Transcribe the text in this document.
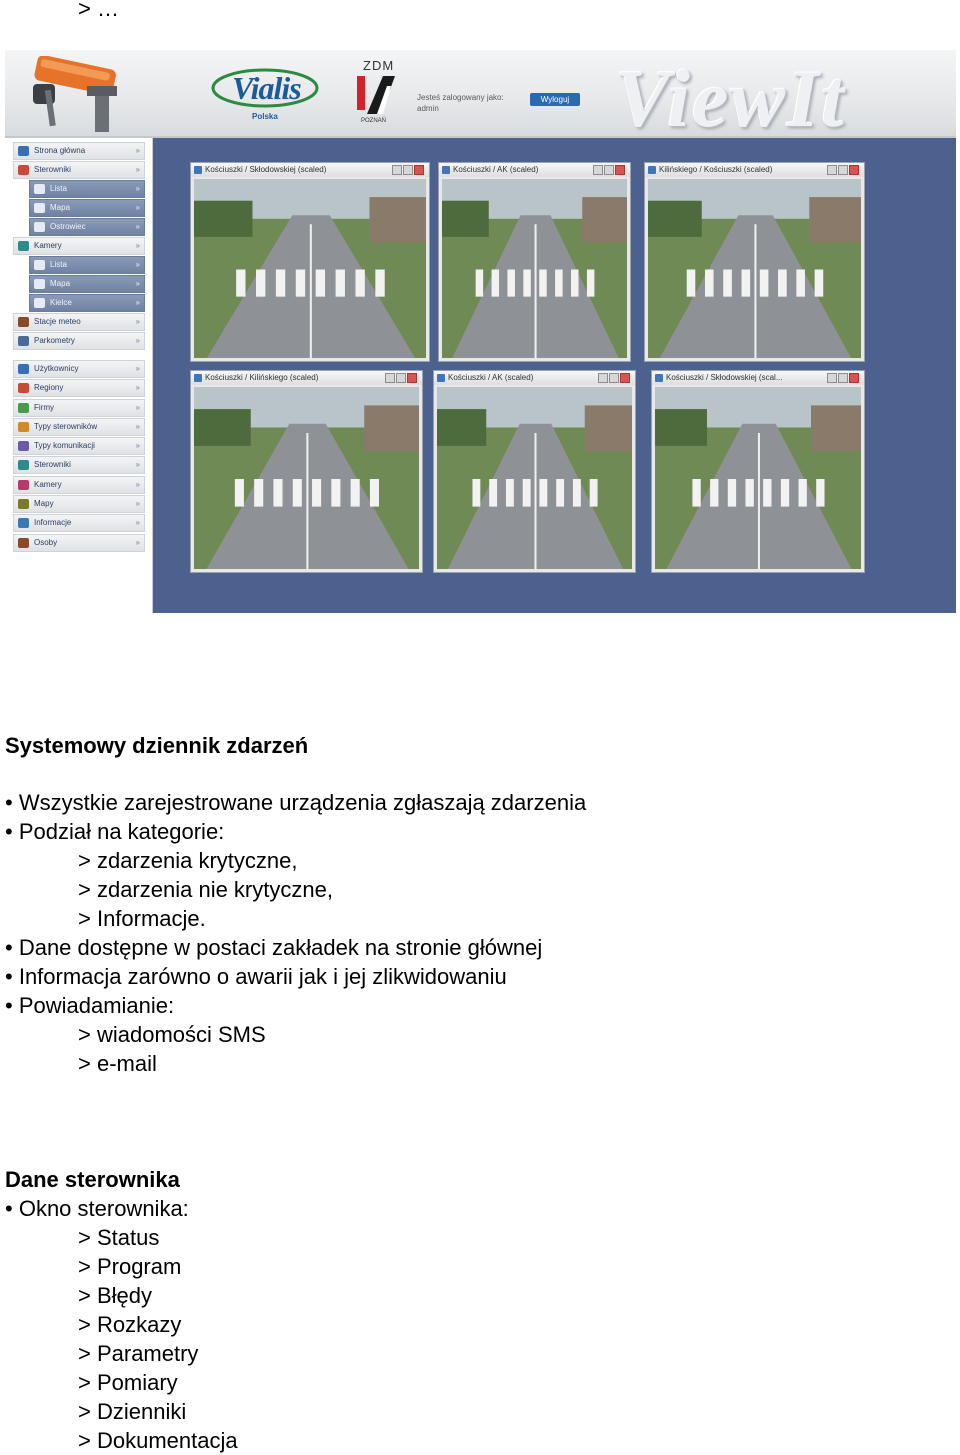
> …
Vialis
Polska
ZDM
POZNAŃ
Jesteś zalogowany jako:
admin
Wyloguj ViewIt
Strona główna	»
Sterowniki	»
Lista	»
Mapa	»
Ostrowiec	»
Kamery	»
Lista	»
Mapa	»
Kielce	»
Stacje meteo	»
Parkometry	»
Użytkownicy	»
Regiony	»
Firmy	»
Typy sterowników	»
Typy komunikacji	»
Sterowniki	»
Kamery	»
Mapy	»
Informacje	»
Osoby	»
Kościuszki / Skłodowskiej (scaled)	Kościuszki / AK (scaled)	Kilińskiego / Kościuszki (scaled)
Kościuszki / Kilińskiego (scaled)	Kościuszki / AK (scaled)	Kościuszki / Skłodowskiej (scal...
Systemowy dziennik zdarzeń
• Wszystkie zarejestrowane urządzenia zgłaszają zdarzenia
• Podział na kategorie:
> zdarzenia krytyczne,
> zdarzenia nie krytyczne,
> Informacje.
• Dane dostępne w postaci zakładek na stronie głównej
• Informacja zarówno o awarii jak i jej zlikwidowaniu
• Powiadamianie:
> wiadomości SMS
> e-mail
Dane sterownika
• Okno sterownika:
> Status
> Program
> Błędy
> Rozkazy
> Parametry
> Pomiary
> Dzienniki
> Dokumentacja
